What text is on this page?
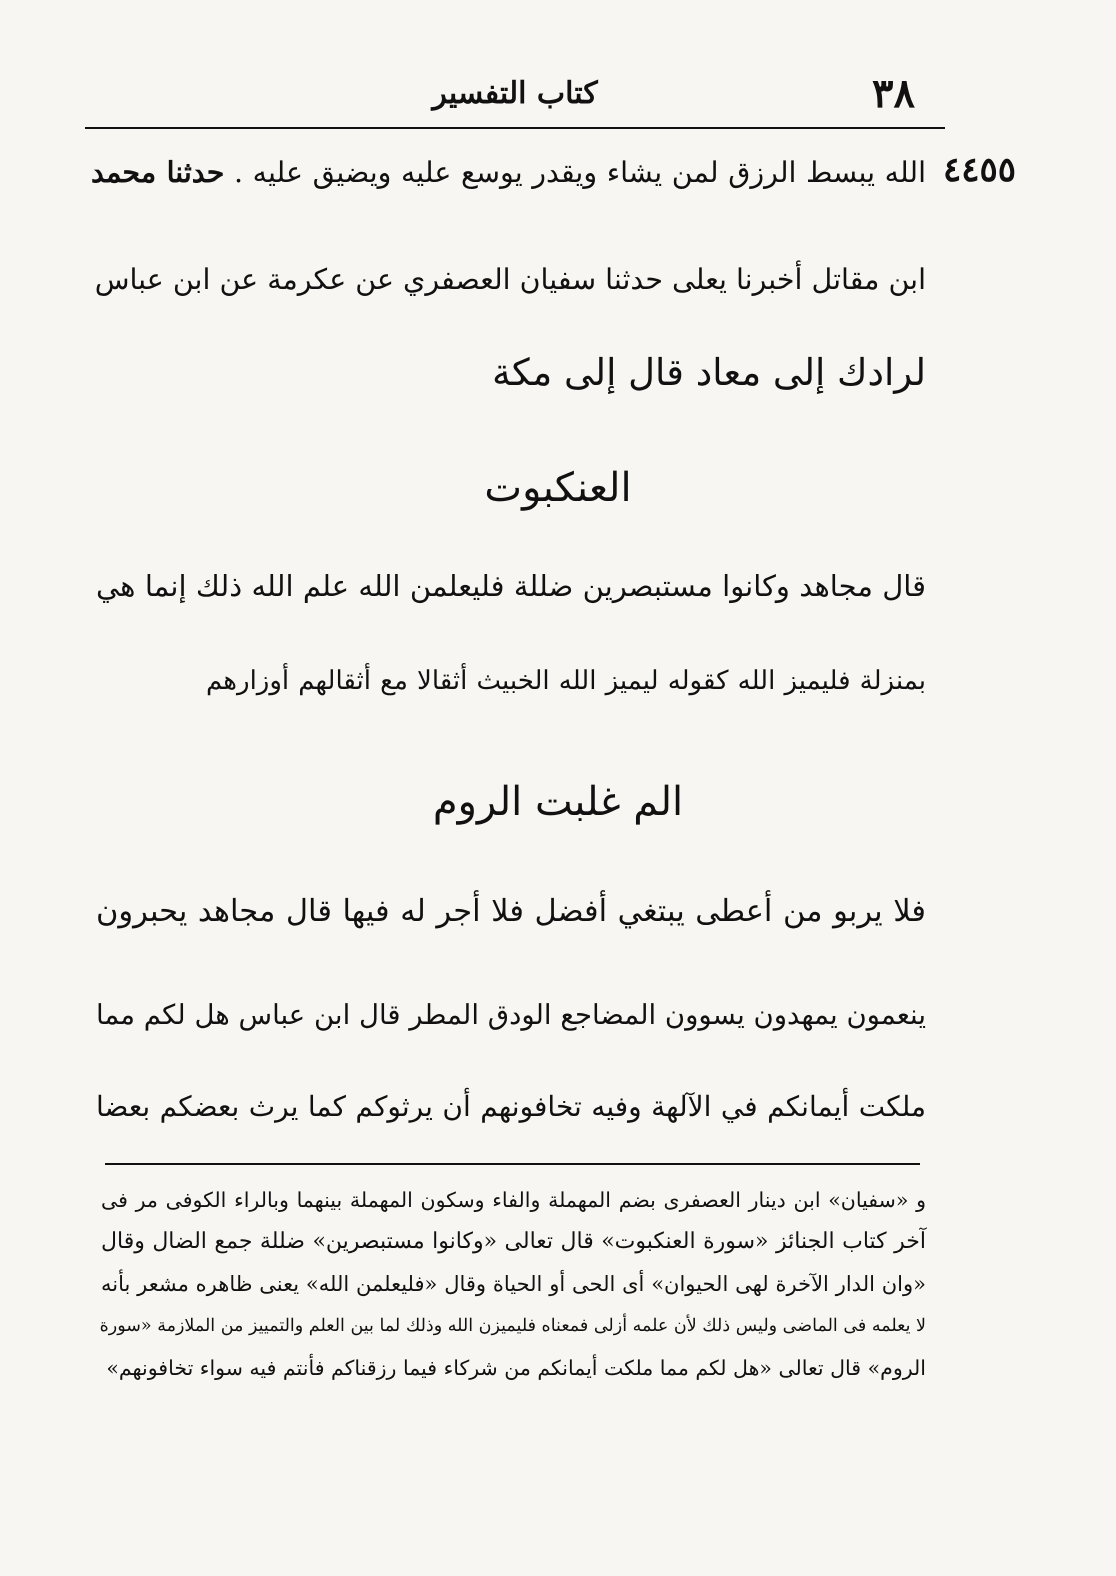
٣٨
كتاب التفسير
٤٤٥٥
الله يبسط الرزق لمن يشاء ويقدر يوسع عليه ويضيق عليه . حدثنا محمد
ابن مقاتل أخبرنا يعلى حدثنا سفيان العصفري عن عكرمة عن ابن عباس
لرادك إلى معاد قال إلى مكة
العنكبوت
قال مجاهد وكانوا مستبصرين ضللة فليعلمن الله علم الله ذلك إنما هي
بمنزلة فليميز الله كقوله ليميز الله الخبيث أثقالا مع أثقالهم أوزارهم
الم غلبت الروم
فلا يربو من أعطى يبتغي أفضل فلا أجر له فيها قال مجاهد يحبرون
ينعمون يمهدون يسوون المضاجع الودق المطر قال ابن عباس هل لكم مما
ملكت أيمانكم في الآلهة وفيه تخافونهم أن يرثوكم كما يرث بعضكم بعضا
و «سفيان» ابن دينار العصفرى بضم المهملة والفاء وسكون المهملة بينهما وبالراء الكوفى مر فى
آخر كتاب الجنائز «سورة العنكبوت» قال تعالى «وكانوا مستبصرين» ضللة جمع الضال وقال
«وان الدار الآخرة لهى الحيوان» أى الحى أو الحياة وقال «فليعلمن الله» يعنى ظاهره مشعر بأنه
لا يعلمه فى الماضى وليس ذلك لأن علمه أزلى فمعناه فليميزن الله وذلك لما بين العلم والتمييز من الملازمة «سورة
الروم» قال تعالى «هل لكم مما ملكت أيمانكم من شركاء فيما رزقناكم فأنتم فيه سواء تخافونهم»
